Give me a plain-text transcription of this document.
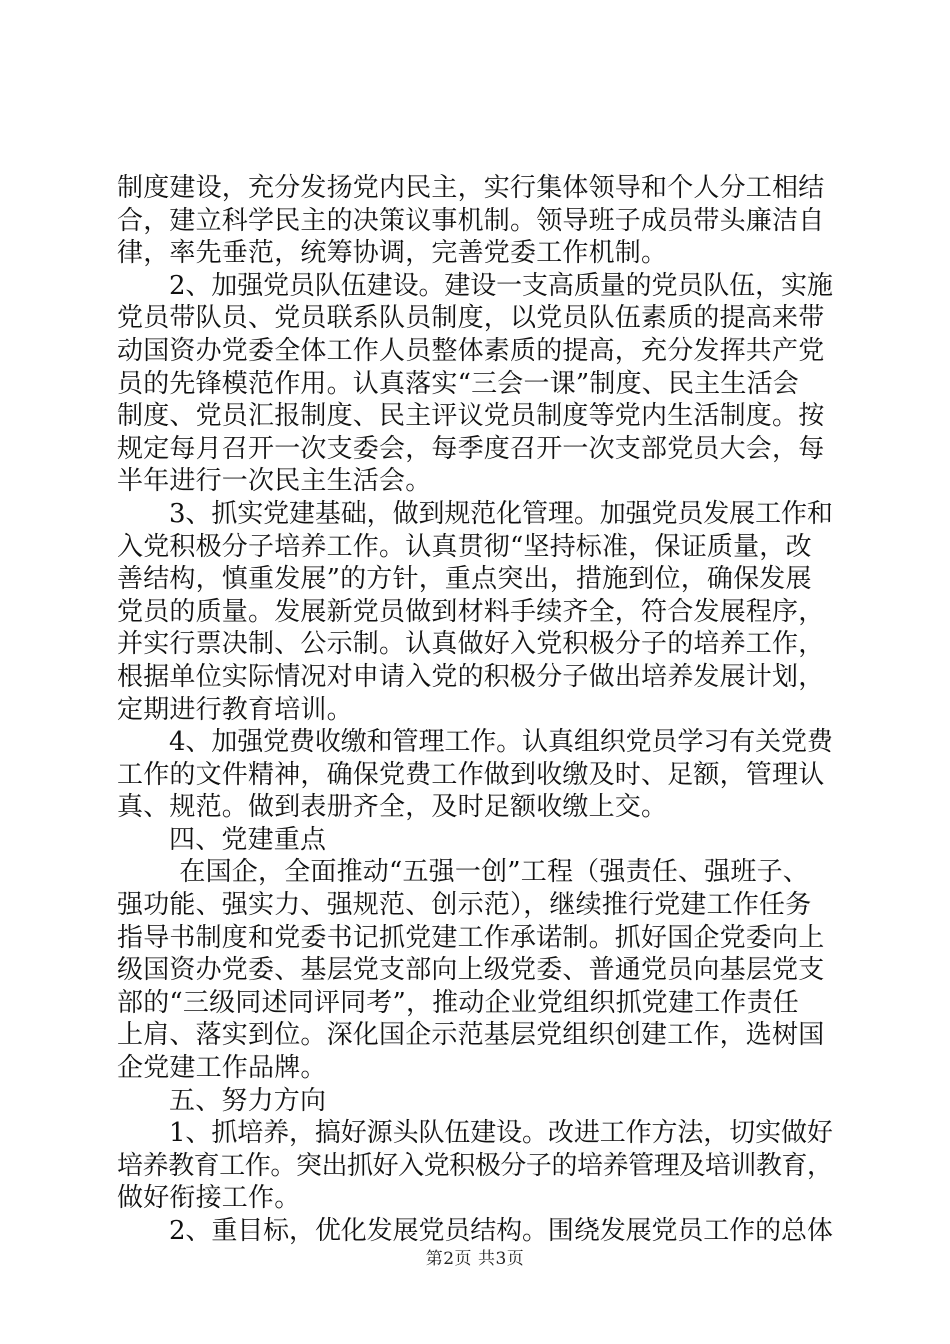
制度建设，充分发扬党内民主，实行集体领导和个人分工相结
合，建立科学民主的决策议事机制。领导班子成员带头廉洁自
律，率先垂范，统筹协调，完善党委工作机制。
2、加强党员队伍建设。建设一支高质量的党员队伍，实施
党员带队员、党员联系队员制度，以党员队伍素质的提高来带
动国资办党委全体工作人员整体素质的提高，充分发挥共产党
员的先锋模范作用。认真落实“三会一课”制度、民主生活会
制度、党员汇报制度、民主评议党员制度等党内生活制度。按
规定每月召开一次支委会，每季度召开一次支部党员大会，每
半年进行一次民主生活会。
3、抓实党建基础，做到规范化管理。加强党员发展工作和
入党积极分子培养工作。认真贯彻“坚持标准，保证质量，改
善结构，慎重发展”的方针，重点突出，措施到位，确保发展
党员的质量。发展新党员做到材料手续齐全，符合发展程序，
并实行票决制、公示制。认真做好入党积极分子的培养工作，
根据单位实际情况对申请入党的积极分子做出培养发展计划，
定期进行教育培训。
4、加强党费收缴和管理工作。认真组织党员学习有关党费
工作的文件精神，确保党费工作做到收缴及时、足额，管理认
真、规范。做到表册齐全，及时足额收缴上交。
四、党建重点
在国企，全面推动“五强一创”工程（强责任、强班子、
强功能、强实力、强规范、创示范），继续推行党建工作任务
指导书制度和党委书记抓党建工作承诺制。抓好国企党委向上
级国资办党委、基层党支部向上级党委、普通党员向基层党支
部的“三级同述同评同考”，推动企业党组织抓党建工作责任
上肩、落实到位。深化国企示范基层党组织创建工作，选树国
企党建工作品牌。
五、努力方向
1、抓培养，搞好源头队伍建设。改进工作方法，切实做好
培养教育工作。突出抓好入党积极分子的培养管理及培训教育，
做好衔接工作。
2、重目标，优化发展党员结构。围绕发展党员工作的总体
第2页 共3页
